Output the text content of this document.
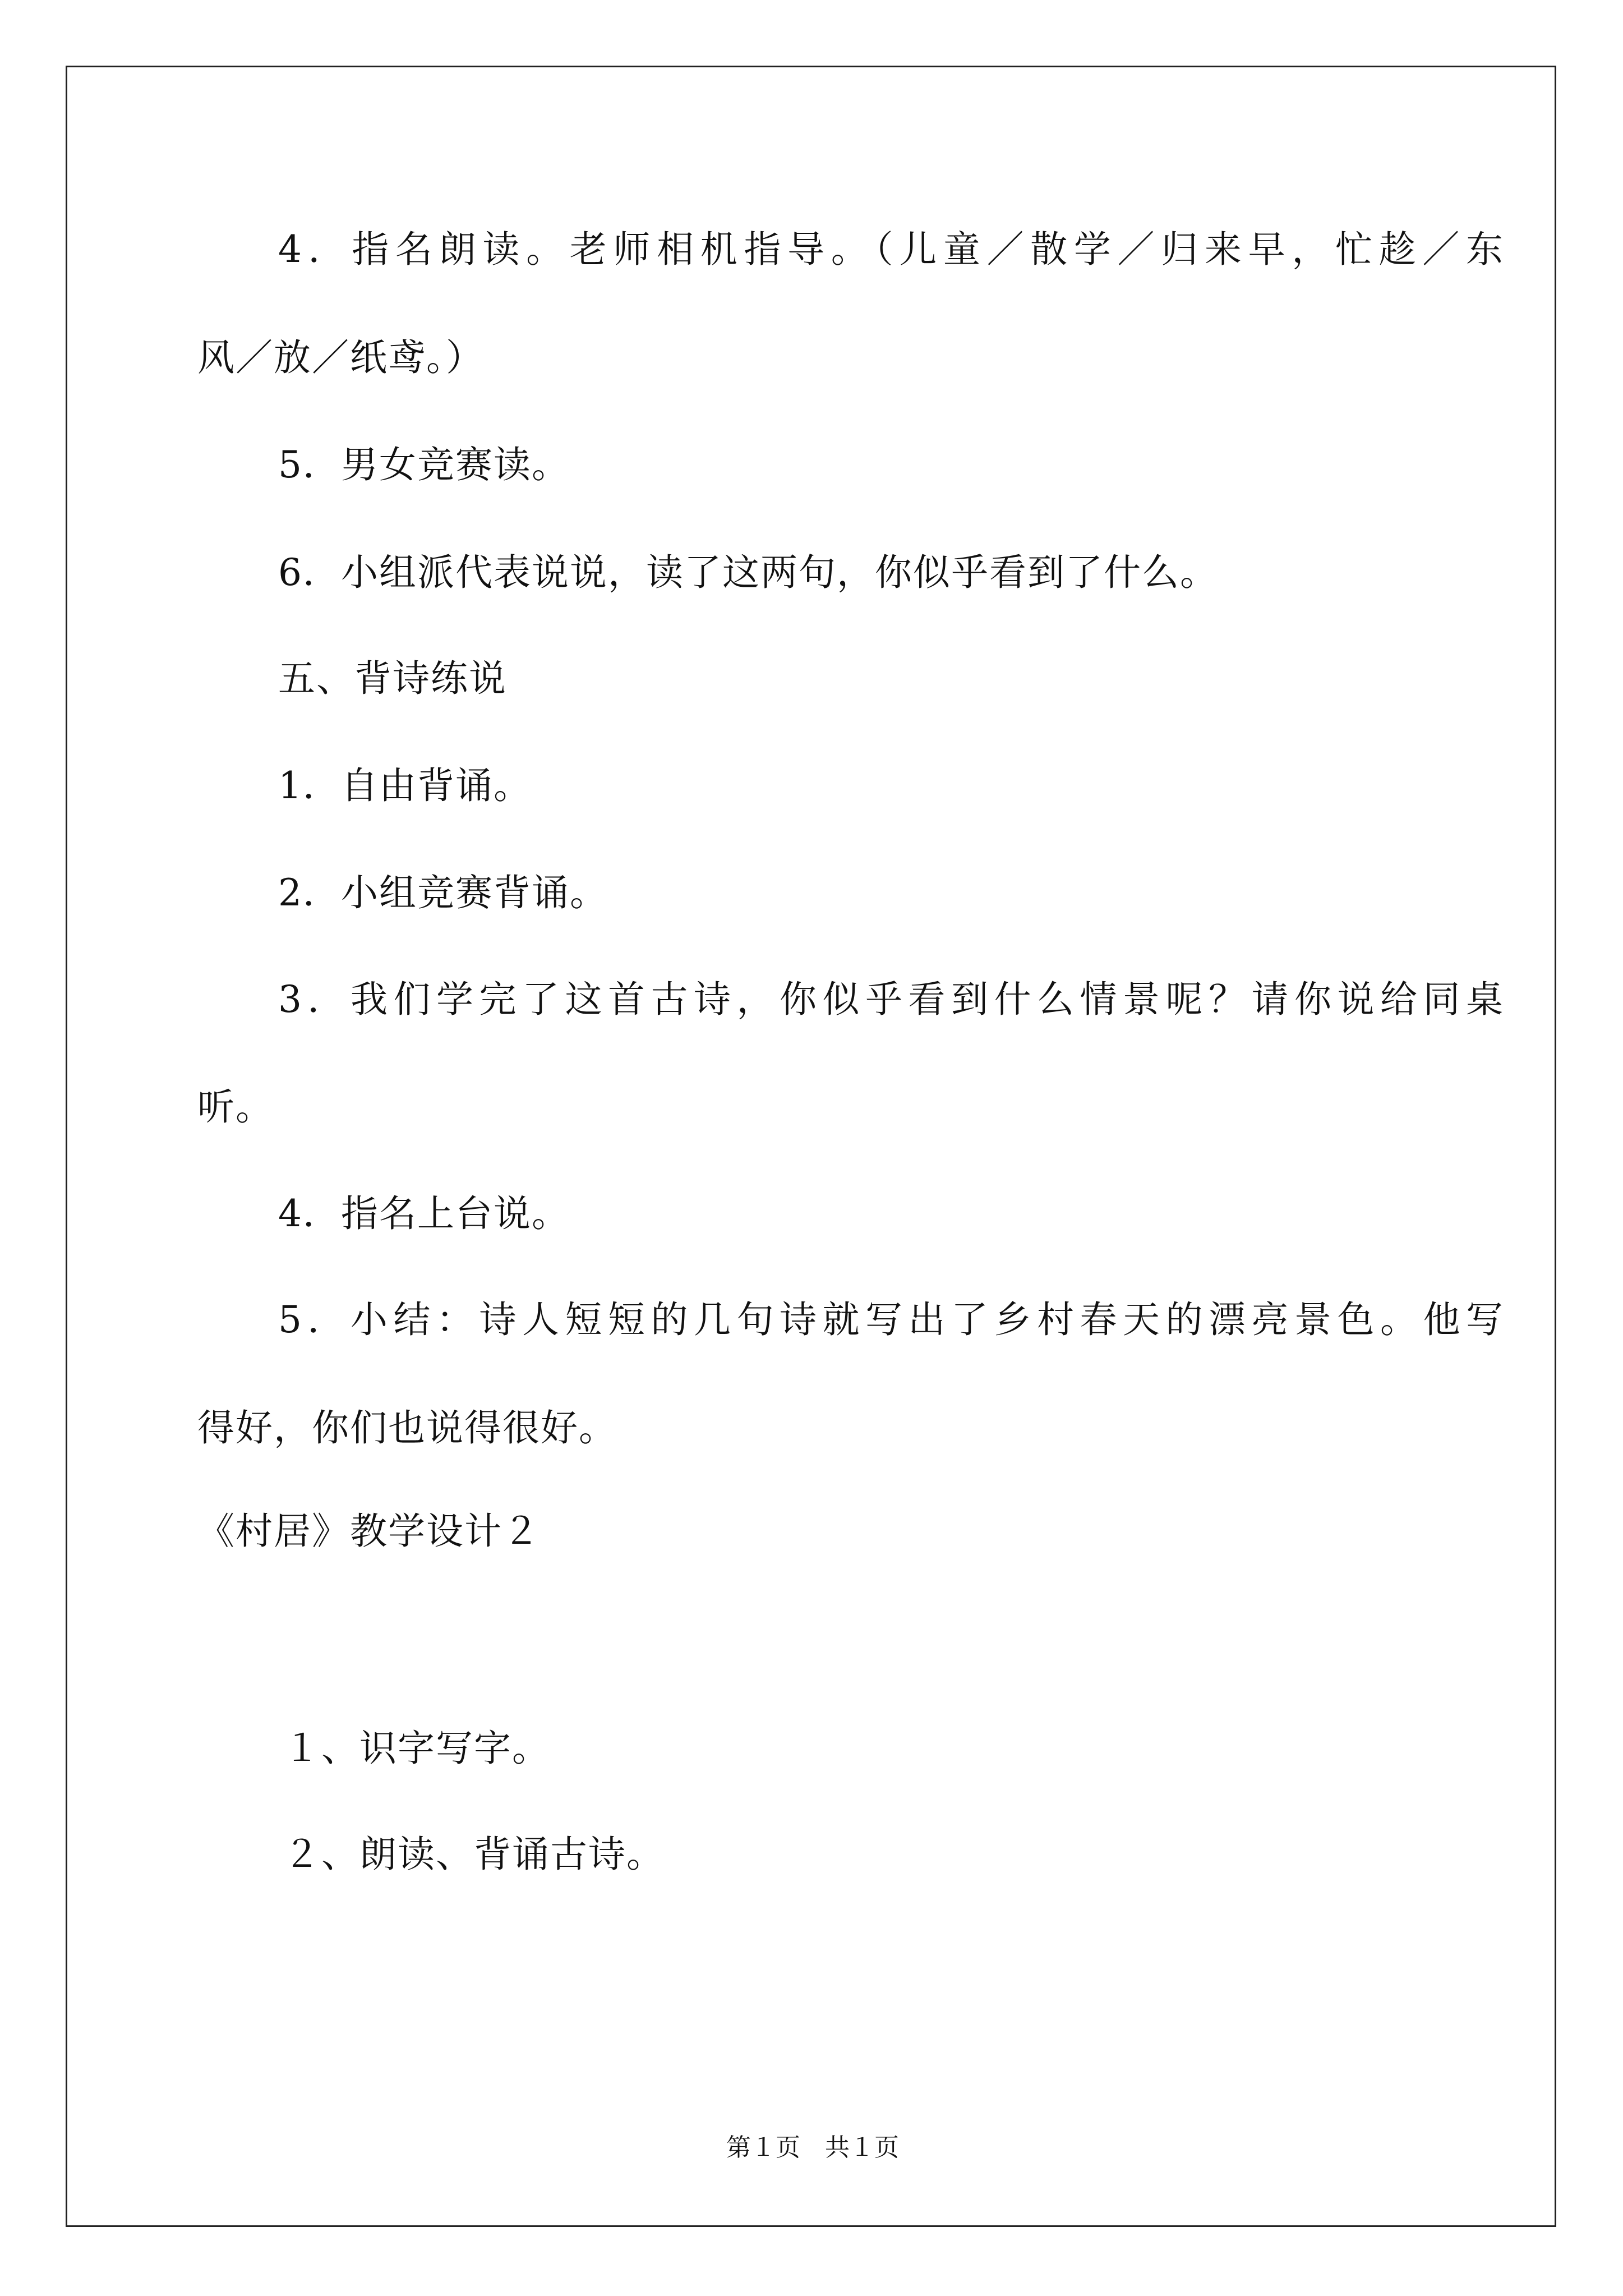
4．指名朗读。老师相机指导。（儿童／散学／归来早，忙趁／东
风／放／纸鸢。）
5．男女竞赛读。
6．小组派代表说说，读了这两句，你似乎看到了什么。
五、背诗练说
1．自由背诵。
2．小组竞赛背诵。
3．我们学完了这首古诗，你似乎看到什么情景呢？请你说给同桌
听。
4．指名上台说。
5．小结：诗人短短的几句诗就写出了乡村春天的漂亮景色。他写
得好，你们也说得很好。
《村居》教学设计２
１、识字写字。
２、朗读、背诵古诗。
第１页　共１页
